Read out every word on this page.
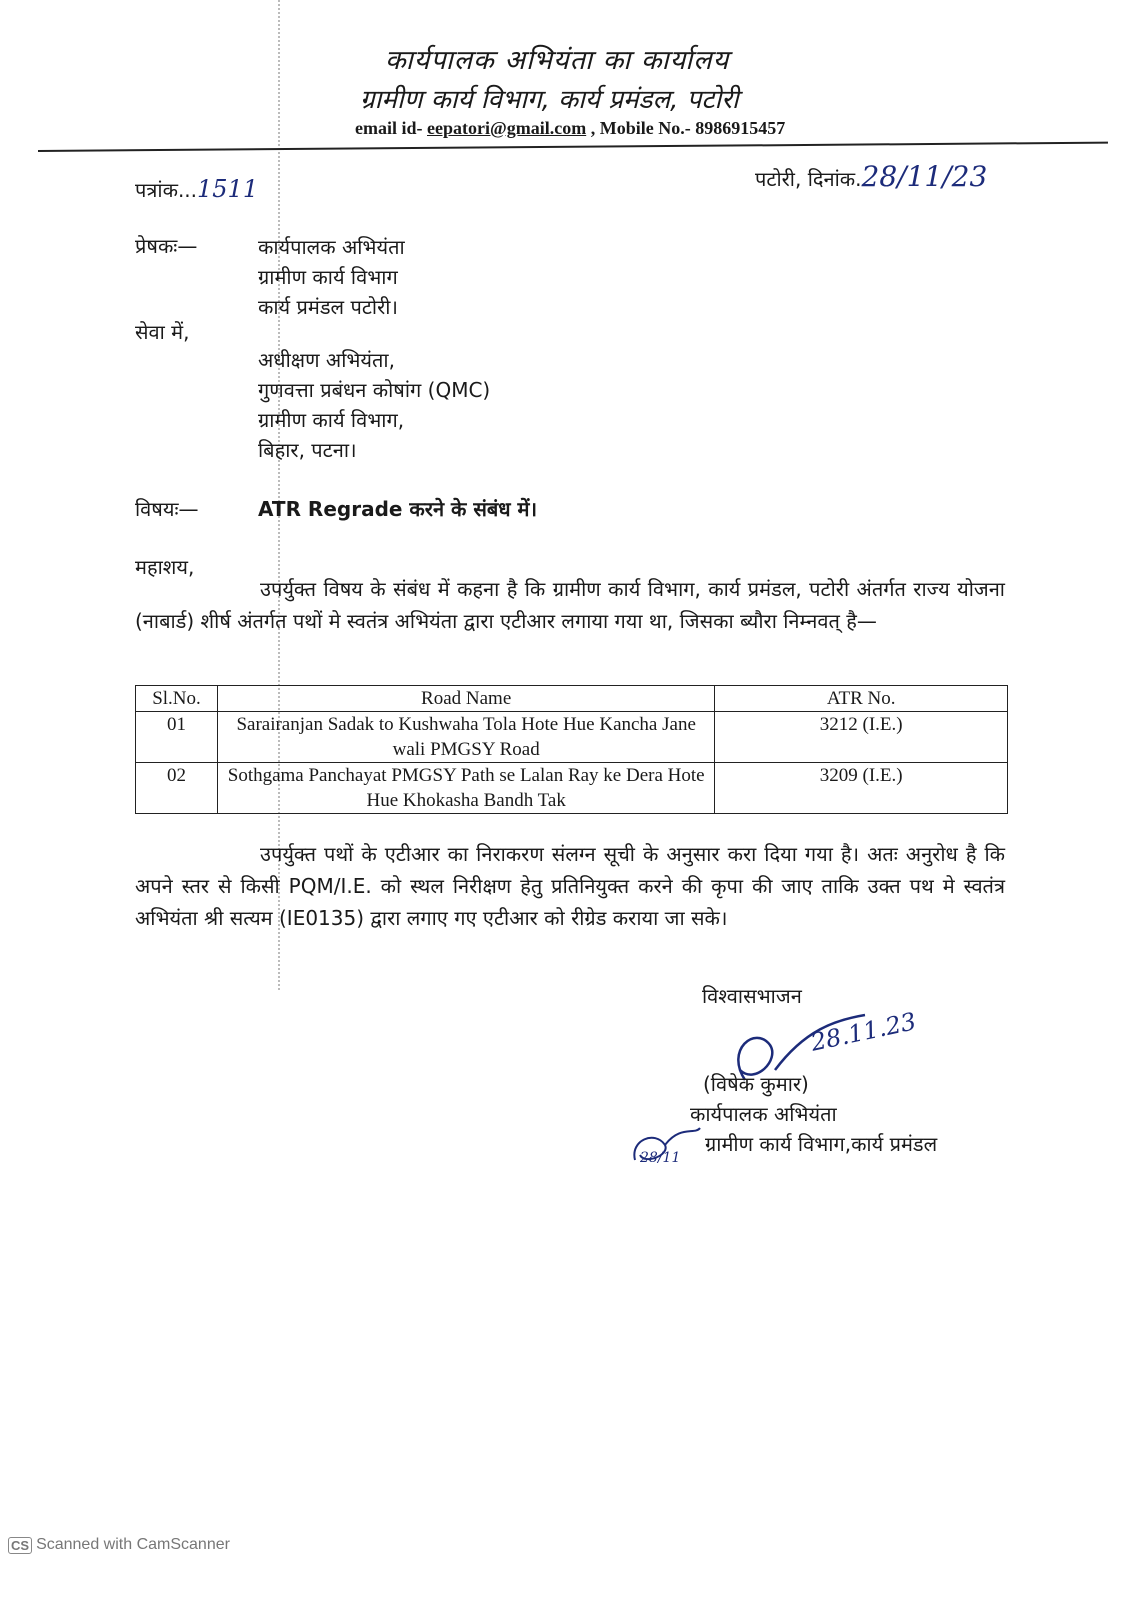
कार्यपालक अभियंता का कार्यालय
ग्रामीण कार्य विभाग, कार्य प्रमंडल, पटोरी
email id- eepatori@gmail.com , Mobile No.- 8986915457
पत्रांक...1511	पटोरी, दिनांक.28/11/23
प्रेषकः—	कार्यपालक अभियंता
ग्रामीण कार्य विभाग
कार्य प्रमंडल पटोरी।
सेवा में,
अधीक्षण अभियंता,
गुणवत्ता प्रबंधन कोषांग (QMC)
ग्रामीण कार्य विभाग,
बिहार, पटना।
विषयः—	ATR Regrade करने के संबंध में।
महाशय,
उपर्युक्त विषय के संबंध में कहना है कि ग्रामीण कार्य विभाग, कार्य प्रमंडल, पटोरी अंतर्गत राज्य योजना (नाबार्ड) शीर्ष अंतर्गत पथों मे स्वतंत्र अभियंता द्वारा एटीआर लगाया गया था, जिसका ब्यौरा निम्नवत् है—
Sl.No.	Road Name	ATR No.
01	Sarairanjan Sadak to Kushwaha Tola Hote Hue Kancha Jane wali PMGSY Road	3212 (I.E.)
02	Sothgama Panchayat PMGSY Path se Lalan Ray ke Dera Hote Hue Khokasha Bandh Tak	3209 (I.E.)
उपर्युक्त पथों के एटीआर का निराकरण संलग्न सूची के अनुसार करा दिया गया है। अतः अनुरोध है कि अपने स्तर से किसी PQM/I.E. को स्थल निरीक्षण हेतु प्रतिनियुक्त करने की कृपा की जाए ताकि उक्त पथ मे स्वतंत्र अभियंता श्री सत्यम (IE0135) द्वारा लगाए गए एटीआर को रीग्रेड कराया जा सके।
विश्वासभाजन
28.11.23
(विषेक कुमार)
कार्यपालक अभियंता
ग्रामीण कार्य विभाग,कार्य प्रमंडल
28/11
CS Scanned with CamScanner
